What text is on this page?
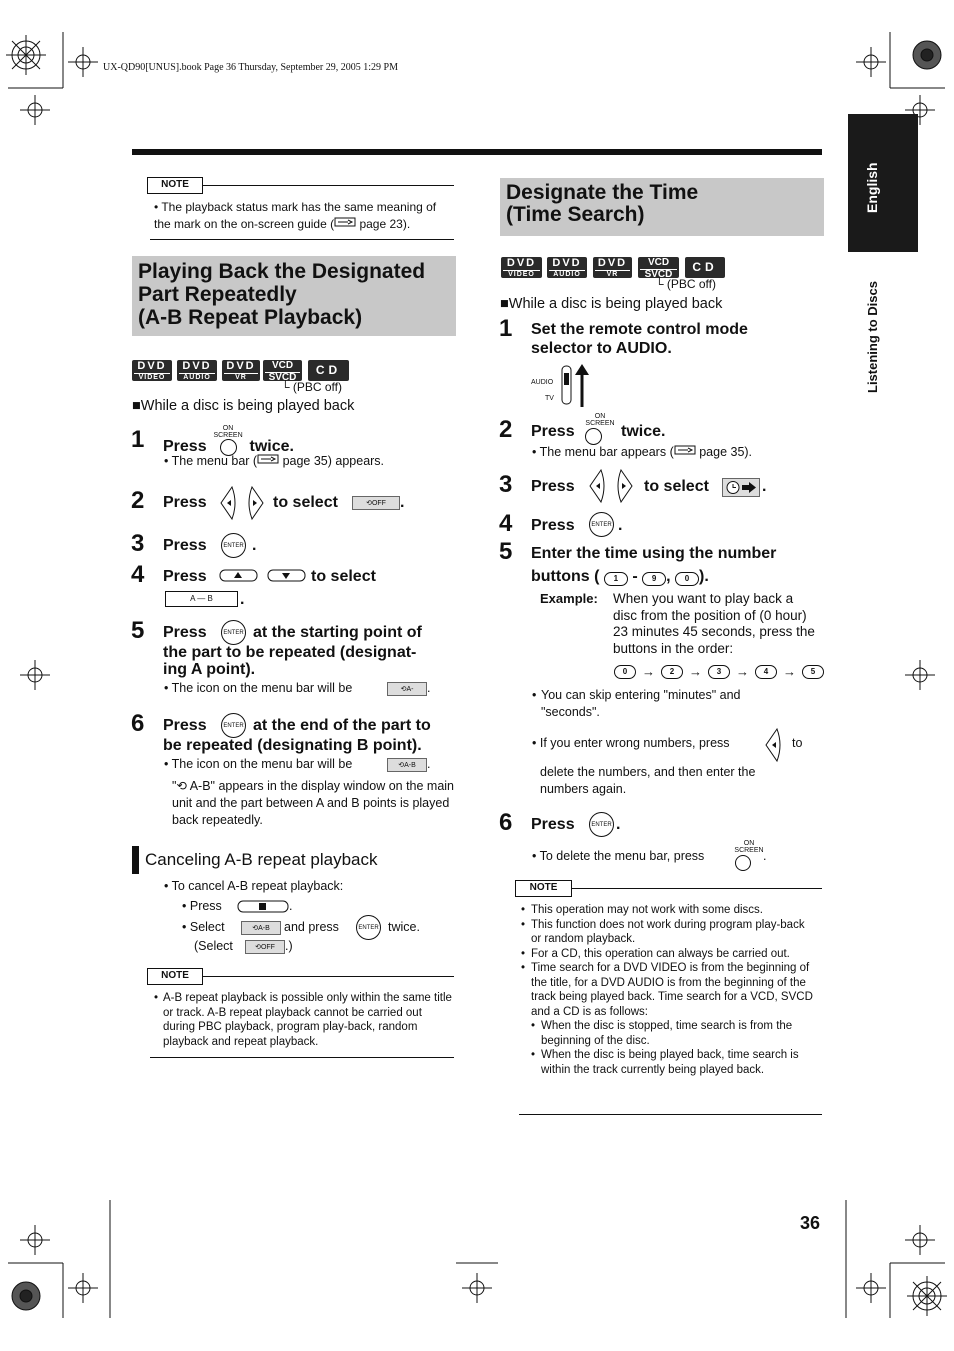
UX-QD90[UNUS].book Page 36 Thursday, September 29, 2005 1:29 PM
English
Listening to Discs
NOTE
• The playback status mark has the same meaning of the mark on the on-screen guide ( page 23).
Playing Back the Designated
Part Repeatedly
(A-B Repeat Playback)
DVD
VIDEO
DVD
AUDIO
DVD
VR
VCD
SVCD
CD
└ (PBC off)
■While a disc is being played back
1 Press
ON
SCREEN
twice.
• The menu bar ( page 35) appears.
2 Press	to select	⟲ OFF .
3 Press	ENTER .
4 Press	to select
A — B	.
5 Press	ENTER at the starting point of
the part to be repeated (designat-
ing A point).
• The icon on the menu bar will be	⟲ A- .
6 Press	ENTER at the end of the part to
be repeated (designating B point).
• The icon on the menu bar will be	⟲ A-B .
"⟲ A-B" appears in the display window on the main unit and the part between A and B points is played back repeatedly.
Canceling A-B repeat playback
• To cancel A-B repeat playback:
• Press	.
• Select	⟲ A-B and press	ENTER twice.
(Select	⟲ OFF .)
NOTE
• A-B repeat playback is possible only within the same title or track. A-B repeat playback cannot be carried out during PBC playback, program play-back, random playback and repeat playback.
Designate the Time
(Time Search)
DVD
VIDEO
DVD
AUDIO
DVD
VR
VCD
SVCD
CD
└ (PBC off)
■While a disc is being played back
1 Set the remote control mode
selector to AUDIO.
AUDIO
TV
2 Press
ON
SCREEN twice.
• The menu bar appears ( page 35).
3 Press	to select	.
4 Press	ENTER .
5 Enter the time using the number
buttons ( 1 - 9 , 0 ).
Example: When you want to play back a disc from the position of (0 hour) 23 minutes 45 seconds, press the buttons in the order:
0	→	2	→	3	→	4	→	5
• You can skip entering "minutes" and "seconds".
• If you enter wrong numbers, press	to
delete the numbers, and then enter the numbers again.
6 Press	ENTER .
• To delete the menu bar, press
ON
SCREEN .
NOTE
• This operation may not work with some discs.
• This function does not work during program play-back or random playback.
• For a CD, this operation can always be carried out.
• Time search for a DVD VIDEO is from the beginning of the title, for a DVD AUDIO is from the beginning of the track being played back. Time search for a VCD, SVCD and a CD is as follows:
• When the disc is stopped, time search is from the beginning of the disc.
• When the disc is being played back, time search is within the track currently being played back.
36
